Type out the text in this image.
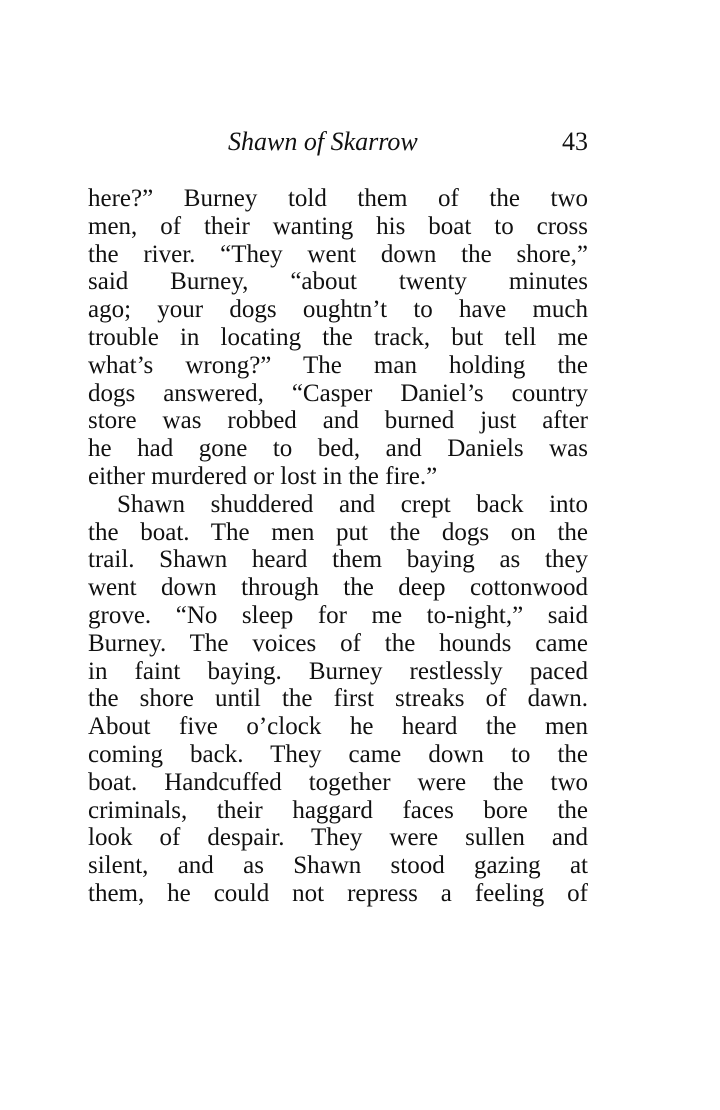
Shawn of Skarrow	43
here?” Burney told them of the two
men, of their wanting his boat to cross
the river. “They went down the shore,”
said Burney, “about twenty minutes
ago; your dogs oughtn’t to have much
trouble in locating the track, but tell me
what’s wrong?” The man holding the
dogs answered, “Casper Daniel’s country
store was robbed and burned just after
he had gone to bed, and Daniels was
either murdered or lost in the fire.”
Shawn shuddered and crept back into
the boat. The men put the dogs on the
trail. Shawn heard them baying as they
went down through the deep cottonwood
grove. “No sleep for me to-night,” said
Burney. The voices of the hounds came
in faint baying. Burney restlessly paced
the shore until the first streaks of dawn.
About five o’clock he heard the men
coming back. They came down to the
boat. Handcuffed together were the two
criminals, their haggard faces bore the
look of despair. They were sullen and
silent, and as Shawn stood gazing at
them, he could not repress a feeling of
